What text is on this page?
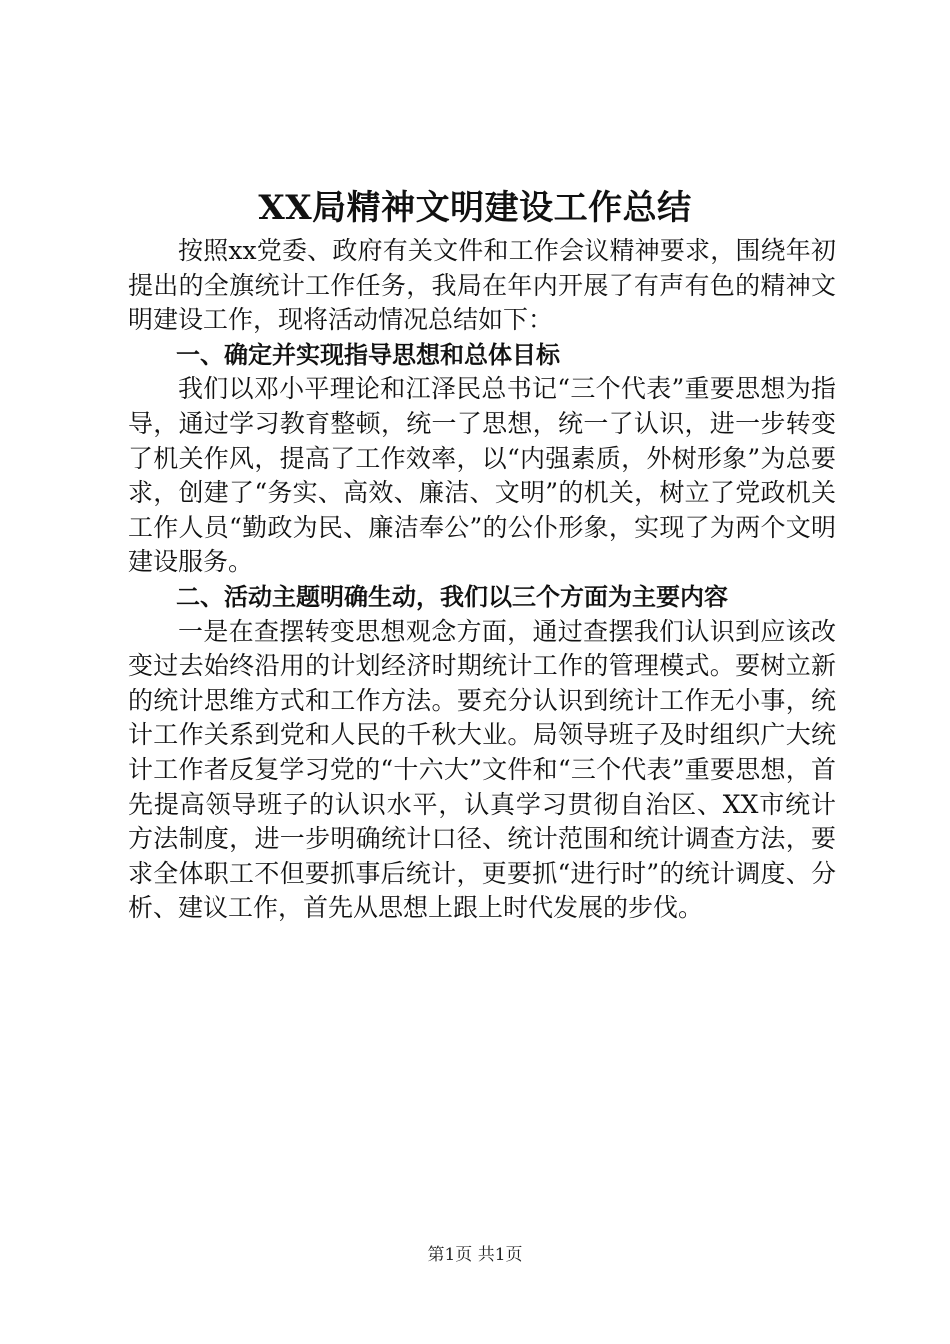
XX局精神文明建设工作总结

按照xx党委、政府有关文件和工作会议精神要求，围绕年初提出的全旗统计工作任务，我局在年内开展了有声有色的精神文明建设工作，现将活动情况总结如下：

一、确定并实现指导思想和总体目标

我们以邓小平理论和江泽民总书记“三个代表”重要思想为指导，通过学习教育整顿，统一了思想，统一了认识，进一步转变了机关作风，提高了工作效率，以“内强素质，外树形象”为总要求，创建了“务实、高效、廉洁、文明”的机关，树立了党政机关工作人员“勤政为民、廉洁奉公”的公仆形象，实现了为两个文明建设服务。

二、活动主题明确生动，我们以三个方面为主要内容

一是在查摆转变思想观念方面，通过查摆我们认识到应该改变过去始终沿用的计划经济时期统计工作的管理模式。要树立新的统计思维方式和工作方法。要充分认识到统计工作无小事，统计工作关系到党和人民的千秋大业。局领导班子及时组织广大统计工作者反复学习党的“十六大”文件和“三个代表”重要思想，首先提高领导班子的认识水平，认真学习贯彻自治区、XX市统计方法制度，进一步明确统计口径、统计范围和统计调查方法，要求全体职工不但要抓事后统计，更要抓“进行时”的统计调度、分析、建议工作，首先从思想上跟上时代发展的步伐。

第1页 共1页
